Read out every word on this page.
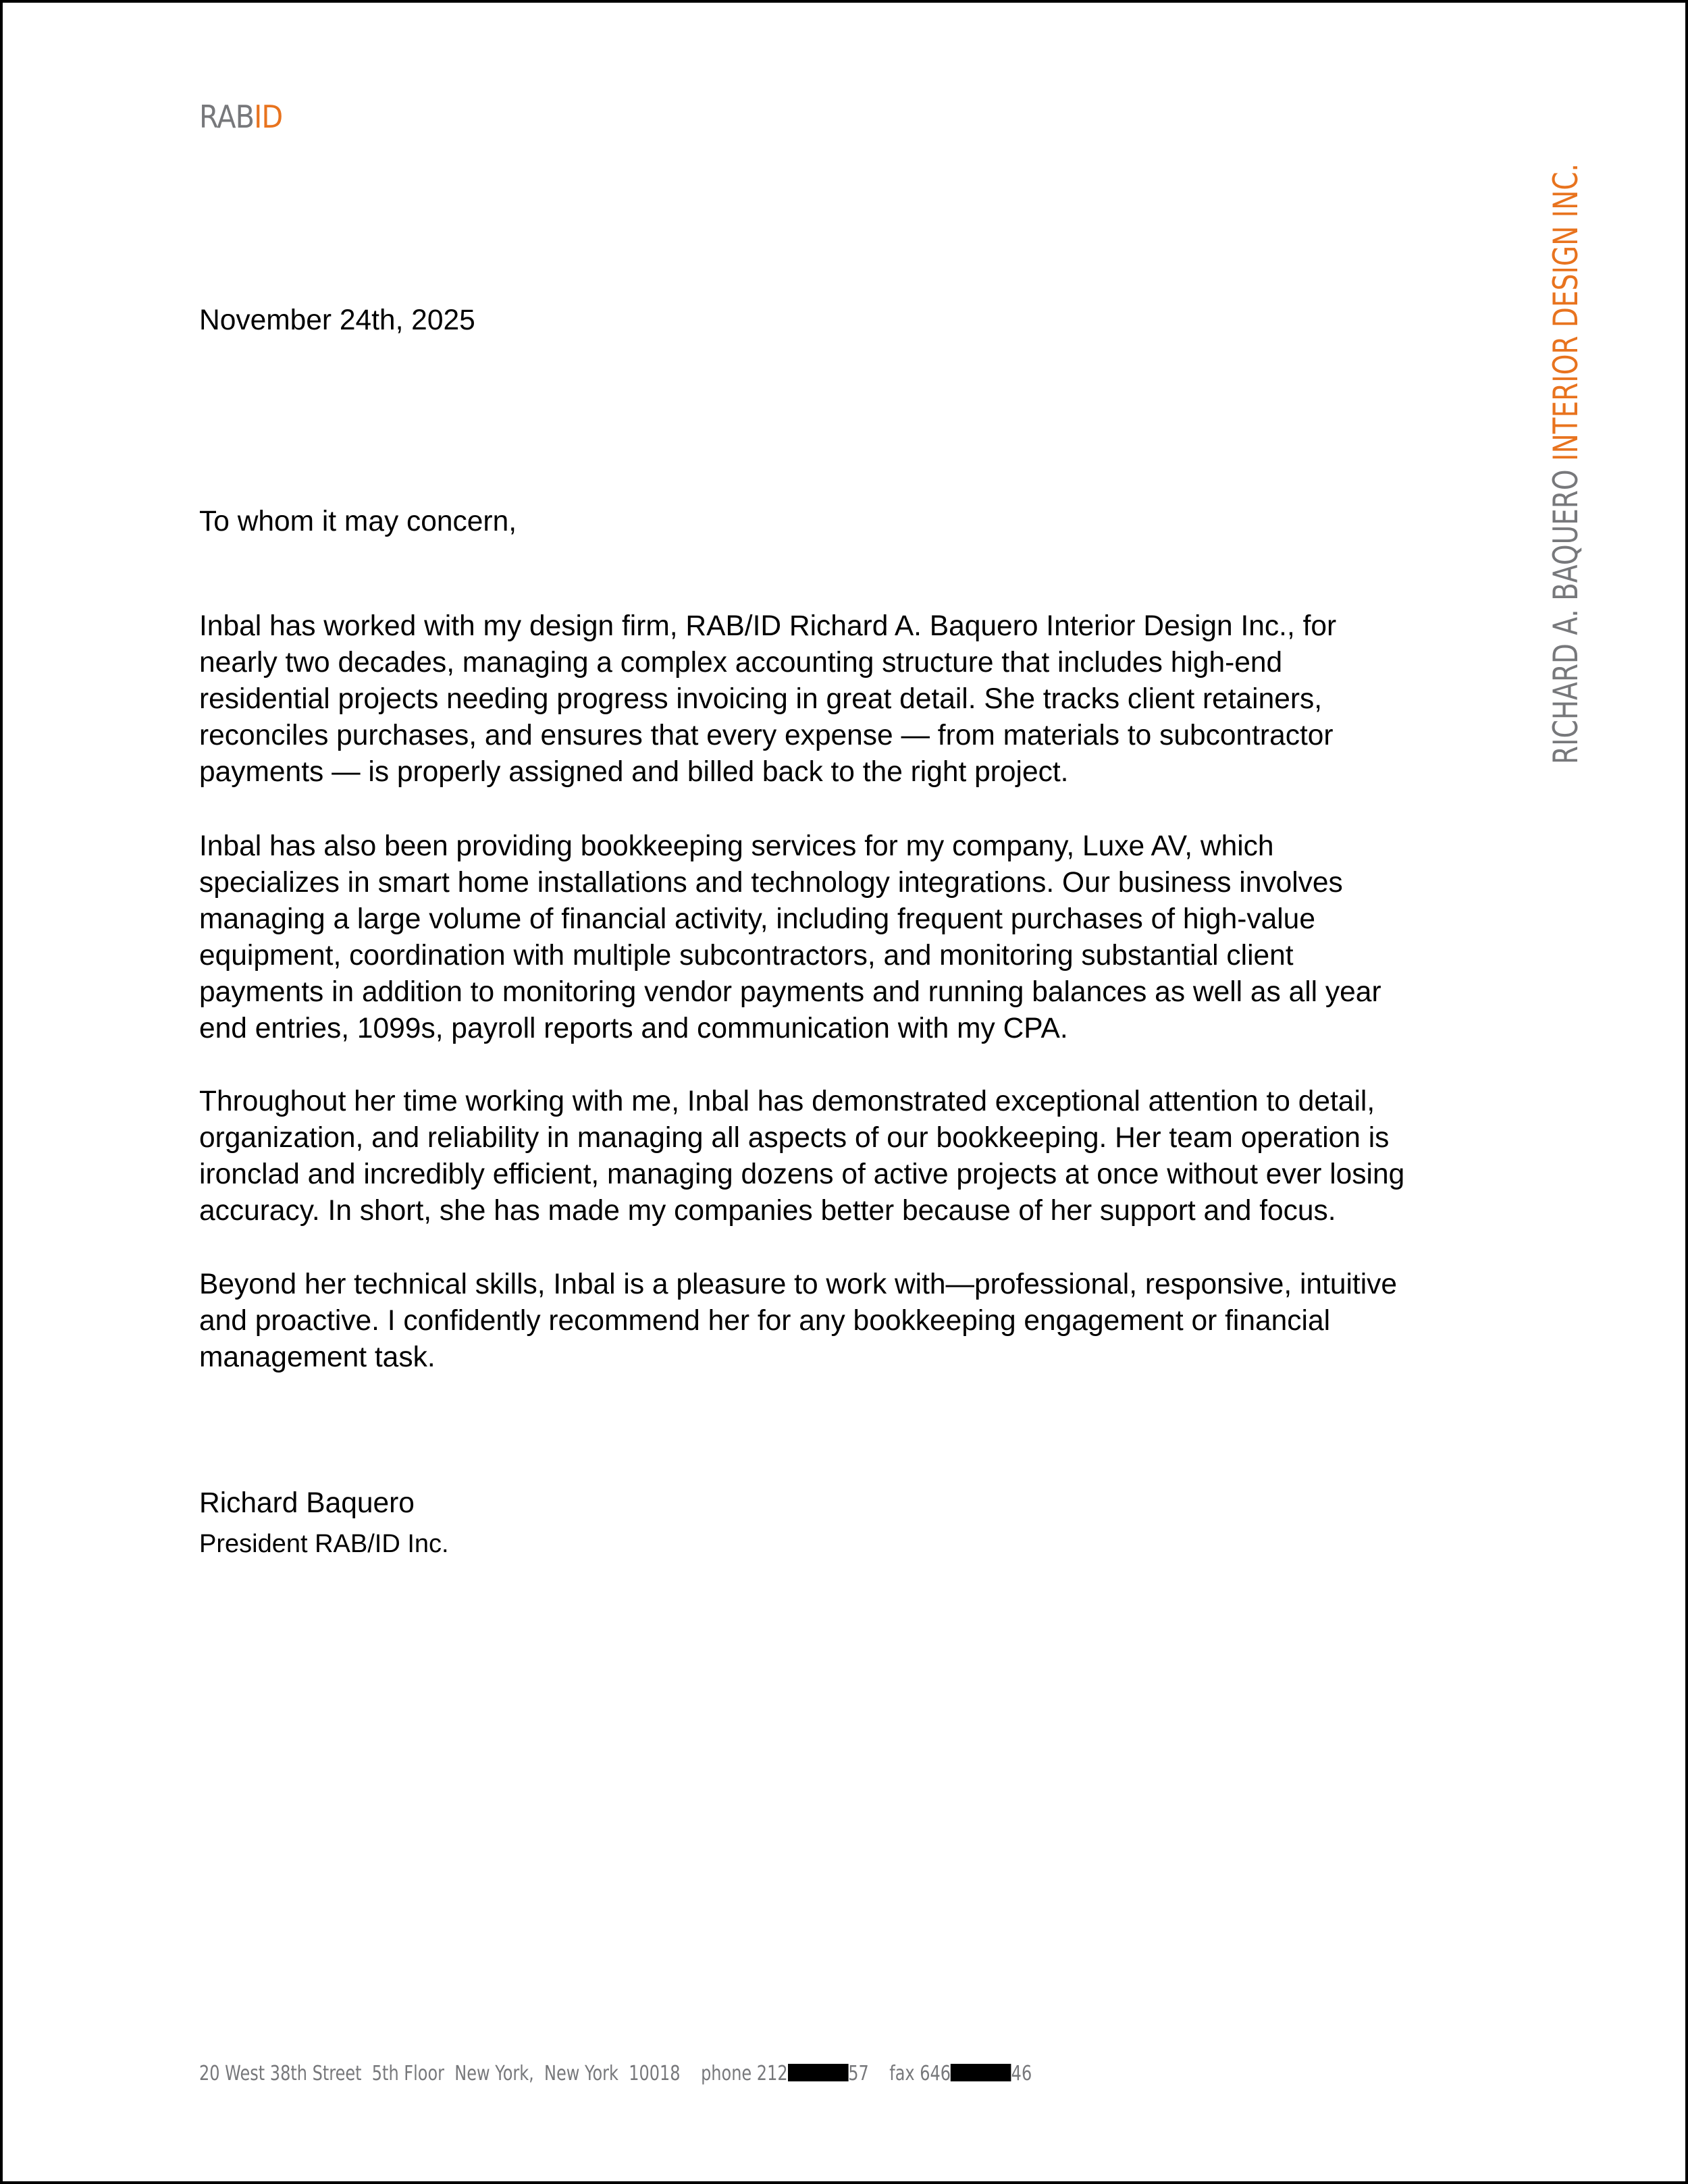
RABID
RICHARD A. BAQUERO INTERIOR DESIGN INC.
November 24th, 2025
To whom it may concern,
Inbal has worked with my design firm, RAB/ID Richard A. Baquero Interior Design Inc., for
nearly two decades, managing a complex accounting structure that includes high-end
residential projects needing progress invoicing in great detail. She tracks client retainers,
reconciles purchases, and ensures that every expense — from materials to subcontractor
payments — is properly assigned and billed back to the right project.
Inbal has also been providing bookkeeping services for my company, Luxe AV, which
specializes in smart home installations and technology integrations. Our business involves
managing a large volume of financial activity, including frequent purchases of high-value
equipment, coordination with multiple subcontractors, and monitoring substantial client
payments in addition to monitoring vendor payments and running balances as well as all year
end entries, 1099s, payroll reports and communication with my CPA.
Throughout her time working with me, Inbal has demonstrated exceptional attention to detail,
organization, and reliability in managing all aspects of our bookkeeping. Her team operation is
ironclad and incredibly efficient, managing dozens of active projects at once without ever losing
accuracy. In short, she has made my companies better because of her support and focus.
Beyond her technical skills, Inbal is a pleasure to work with—professional, responsive, intuitive
and proactive. I confidently recommend her for any bookkeeping engagement or financial
management task.
Richard Baquero
President RAB/ID Inc.
20 West 38th Street  5th Floor  New York,  New York  10018    phone 212	57    fax 646	46
